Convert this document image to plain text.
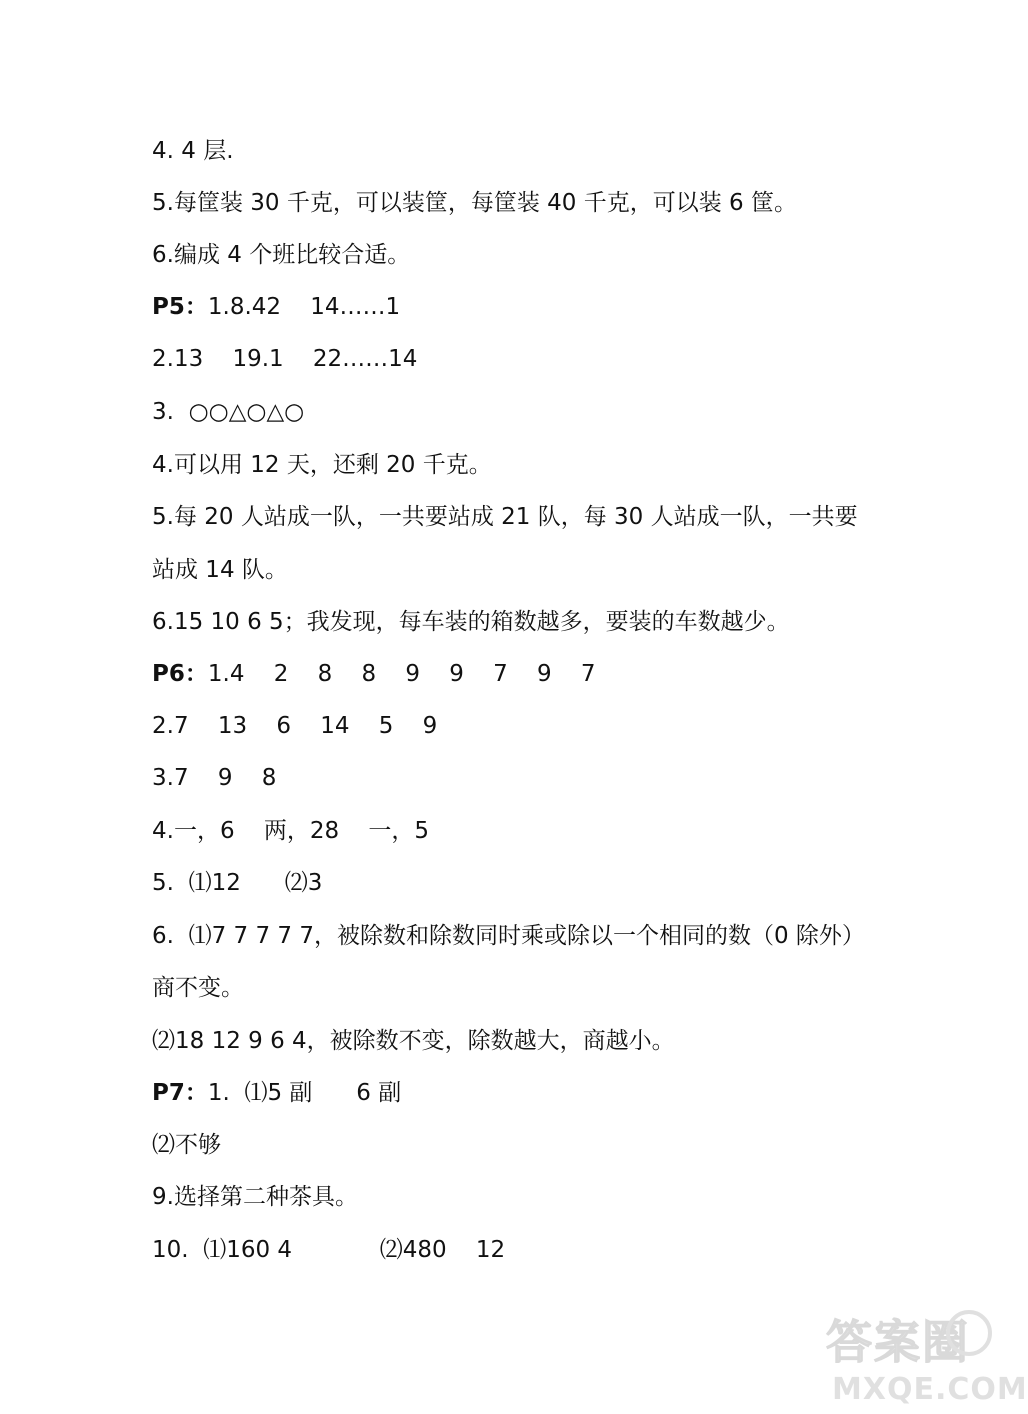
4. 4 层.
5.每筐装 30 千克，可以装筐，每筐装 40 千克，可以装 6 筐。
6.编成 4 个班比较合适。
P5：1.8.42    14……1
2.13    19.1    22……14
3.  ○○△○△○
4.可以用 12 天，还剩 20 千克。
5.每 20 人站成一队，一共要站成 21 队，每 30 人站成一队，一共要
站成 14 队。
6.15 10 6 5；我发现，每车装的箱数越多，要装的车数越少。
P6：1.4    2    8    8    9    9    7    9    7
2.7    13    6    14    5    9
3.7    9    8
4.一，6    两，28    一，5
5.  ⑴12      ⑵3
6.  ⑴7 7 7 7 7，被除数和除数同时乘或除以一个相同的数（0 除外）
商不变。
⑵18 12 9 6 4，被除数不变，除数越大，商越小。
P7：1.  ⑴5 副      6 副
⑵不够
9.选择第二种茶具。
10.  ⑴160 4            ⑵480    12
答案圈
MXQE.COM
